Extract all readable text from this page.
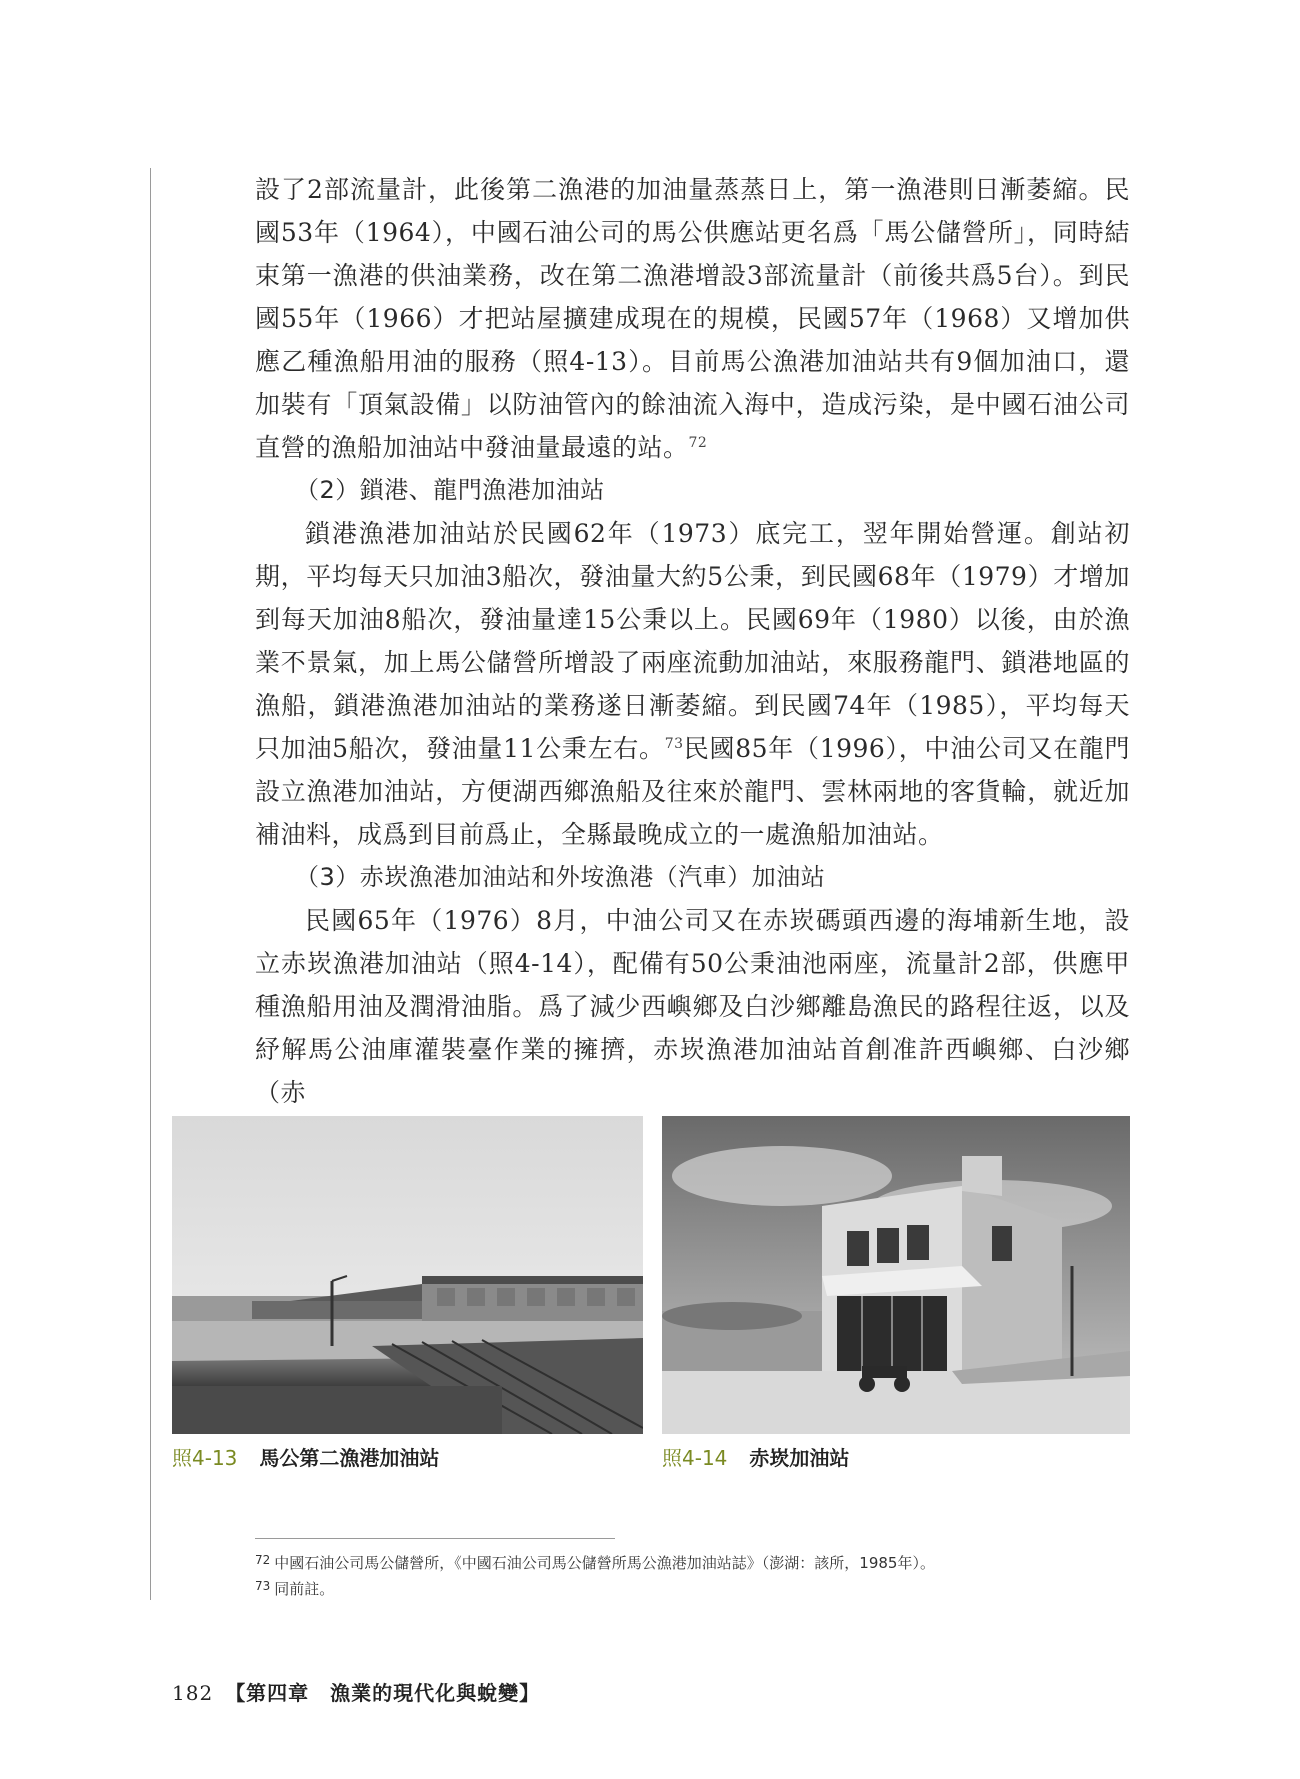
設了2部流量計，此後第二漁港的加油量蒸蒸日上，第一漁港則日漸萎縮。民國53年（1964），中國石油公司的馬公供應站更名爲「馬公儲營所」，同時結束第一漁港的供油業務，改在第二漁港增設3部流量計（前後共爲5台）。到民國55年（1966）才把站屋擴建成現在的規模，民國57年（1968）又增加供應乙種漁船用油的服務（照4-13）。目前馬公漁港加油站共有9個加油口，還加裝有「頂氣設備」以防油管內的餘油流入海中，造成污染，是中國石油公司直營的漁船加油站中發油量最遠的站。$^{72}$

（2）鎖港、龍門漁港加油站

鎖港漁港加油站於民國62年（1973）底完工，翌年開始營運。創站初期，平均每天只加油3船次，發油量大約5公秉，到民國68年（1979）才增加到每天加油8船次，發油量達15公秉以上。民國69年（1980）以後，由於漁業不景氣，加上馬公儲營所增設了兩座流動加油站，來服務龍門、鎖港地區的漁船，鎖港漁港加油站的業務遂日漸萎縮。到民國74年（1985），平均每天只加油5船次，發油量11公秉左右。$^{73}$民國85年（1996），中油公司又在龍門設立漁港加油站，方便湖西鄉漁船及往來於龍門、雲林兩地的客貨輪，就近加補油料，成爲到目前爲止，全縣最晚成立的一處漁船加油站。

（3）赤崁漁港加油站和外垵漁港（汽車）加油站

民國65年（1976）8月，中油公司又在赤崁碼頭西邊的海埔新生地，設立赤崁漁港加油站（照4-14），配備有50公秉油池兩座，流量計2部，供應甲種漁船用油及潤滑油脂。爲了減少西嶼鄉及白沙鄉離島漁民的路程往返，以及紓解馬公油庫灌裝臺作業的擁擠，赤崁漁港加油站首創准許西嶼鄉、白沙鄉（赤

照4-13 馬公第二漁港加油站	照4-14 赤崁加油站

$^{72}$ 中國石油公司馬公儲營所，《中國石油公司馬公儲營所馬公漁港加油站誌》（澎湖：該所，1985年）。

$^{73}$ 同前註。

182 【第四章　漁業的現代化與蛻變】
